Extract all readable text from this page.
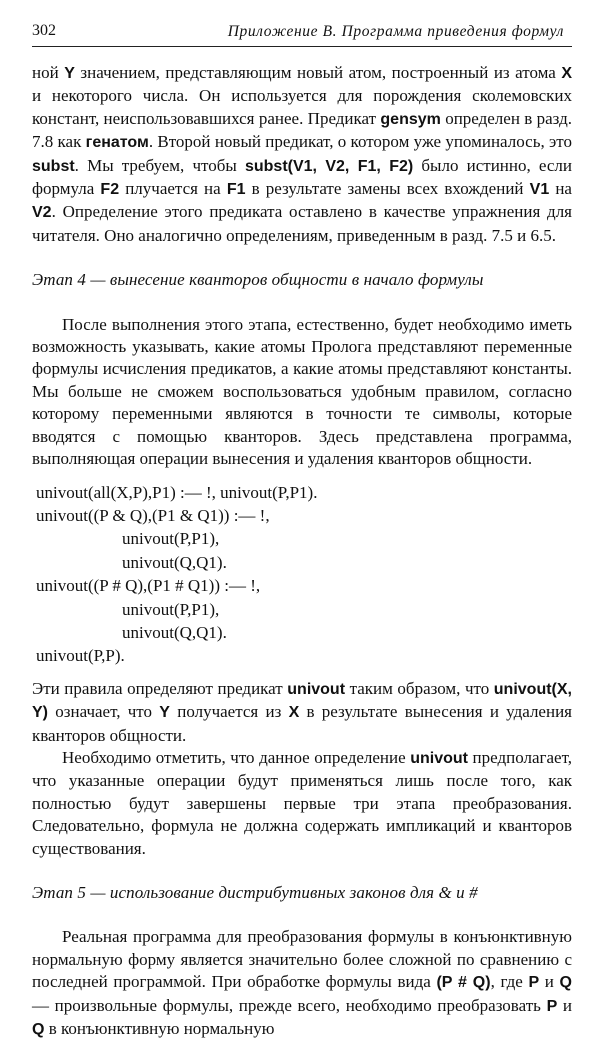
302	Приложение В. Программа приведения формул

ной Y значением, представляющим новый атом, построенный из атома X и некоторого числа. Он используется для порождения сколемовских констант, неиспользовавшихся ранее. Предикат gensym определен в разд. 7.8 как генатом. Второй новый предикат, о котором уже упоминалось, это subst. Мы требуем, чтобы subst(V1, V2, F1, F2) было истинно, если формула F2 плучается на F1 в результате замены всех вхождений V1 на V2. Определение этого предиката оставлено в качестве упражнения для читателя. Оно аналогично определениям, приведенным в разд. 7.5 и 6.5.

Этап 4 — вынесение кванторов общности в начало формулы

После выполнения этого этапа, естественно, будет необходимо иметь возможность указывать, какие атомы Пролога представляют переменные формулы исчисления предикатов, а какие атомы представляют константы. Мы больше не сможем воспользоваться удобным правилом, согласно которому переменными являются в точности те символы, которые вводятся с помощью кванторов. Здесь представлена программа, выполняющая операции вынесения и удаления кванторов общности.

univout(all(X,P),P1) :— !, univout(P,P1).
univout((P & Q),(P1 & Q1)) :— !,
univout(P,P1),
univout(Q,Q1).
univout((P # Q),(P1 # Q1)) :— !,
univout(P,P1),
univout(Q,Q1).
univout(P,P).

Эти правила определяют предикат univout таким образом, что univout(X, Y) означает, что Y получается из X в результате вынесения и удаления кванторов общности.

Необходимо отметить, что данное определение univout предполагает, что указанные операции будут применяться лишь после того, как полностью будут завершены первые три этапа преобразования. Следовательно, формула не должна содержать импликаций и кванторов существования.

Этап 5 — использование дистрибутивных законов для & и #

Реальная программа для преобразования формулы в конъюнктивную нормальную форму является значительно более сложной по сравнению с последней программой. При обработке формулы вида (P # Q), где P и Q — произвольные формулы, прежде всего, необходимо преобразовать P и Q в конъюнктивную нормальную
